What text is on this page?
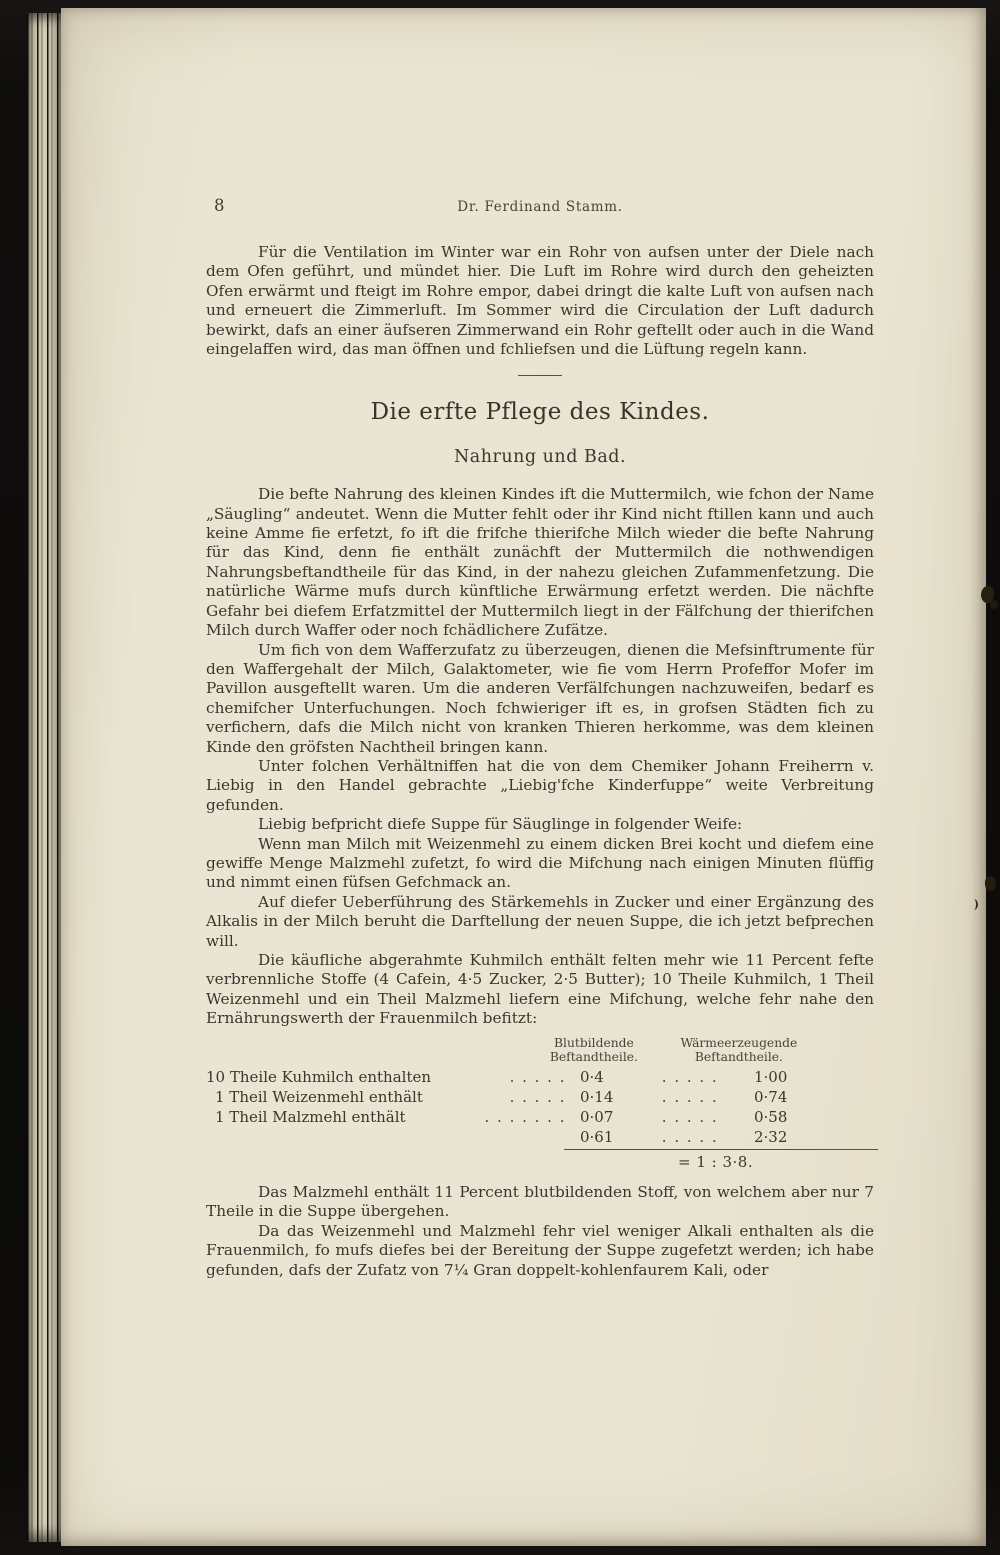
8	Dr. Ferdinand Stamm.

Für die Ventilation im Winter war ein Rohr von aufsen unter der Diele nach dem Ofen geführt, und mündet hier. Die Luft im Rohre wird durch den geheizten Ofen erwärmt und fteigt im Rohre empor, dabei dringt die kalte Luft von aufsen nach und erneuert die Zimmerluft. Im Sommer wird die Circulation der Luft dadurch bewirkt, dafs an einer äufseren Zimmerwand ein Rohr geftellt oder auch in die Wand eingelaffen wird, das man öffnen und fchliefsen und die Lüftung regeln kann.

Die erfte Pflege des Kindes.
Nahrung und Bad.

Die befte Nahrung des kleinen Kindes ift die Muttermilch, wie fchon der Name „Säugling“ andeutet. Wenn die Mutter fehlt oder ihr Kind nicht ftillen kann und auch keine Amme fie erfetzt, fo ift die frifche thierifche Milch wieder die befte Nahrung für das Kind, denn fie enthält zunächft der Muttermilch die nothwendigen Nahrungsbeftandtheile für das Kind, in der nahezu gleichen Zufammenfetzung. Die natürliche Wärme mufs durch künftliche Erwärmung erfetzt werden. Die nächfte Gefahr bei diefem Erfatzmittel der Muttermilch liegt in der Fälfchung der thierifchen Milch durch Waffer oder noch fchädlichere Zufätze.

Um fich von dem Wafferzufatz zu überzeugen, dienen die Mefsinftrumente für den Waffergehalt der Milch, Galaktometer, wie fie vom Herrn Profeffor Mofer im Pavillon ausgeftellt waren. Um die anderen Verfälfchungen nachzuweifen, bedarf es chemifcher Unterfuchungen. Noch fchwieriger ift es, in grofsen Städten fich zu verfichern, dafs die Milch nicht von kranken Thieren herkomme, was dem kleinen Kinde den gröfsten Nachtheil bringen kann.

Unter folchen Verhältniffen hat die von dem Chemiker Johann Freiherrn v. Liebig in den Handel gebrachte „Liebig'fche Kinderfuppe“ weite Verbreitung gefunden.

Liebig befpricht diefe Suppe für Säuglinge in folgender Weife:

Wenn man Milch mit Weizenmehl zu einem dicken Brei kocht und diefem eine gewiffe Menge Malzmehl zufetzt, fo wird die Mifchung nach einigen Minuten flüffig und nimmt einen füfsen Gefchmack an.

Auf diefer Ueberführung des Stärkemehls in Zucker und einer Ergänzung des Alkalis in der Milch beruht die Darftellung der neuen Suppe, die ich jetzt befprechen will.

Die käufliche abgerahmte Kuhmilch enthält felten mehr wie 11 Percent fefte verbrennliche Stoffe (4 Cafein, 4·5 Zucker, 2·5 Butter); 10 Theile Kuhmilch, 1 Theil Weizenmehl und ein Theil Malzmehl liefern eine Mifchung, welche fehr nahe den Ernährungswerth der Frauenmilch befitzt:

Blutbildende
Beftandtheile.
Wärmeerzeugende
Beftandtheile.
10 Theile Kuhmilch enthalten	. . . . . 0·4	. . . . .	1·00
1 Theil Weizenmehl enthält	. . . . . 0·14	. . . . .	0·74
1 Theil Malzmehl enthält	. . . . . . . 0·07	. . . . .	0·58
0·61	. . . . .	2·32
= 1 : 3·8.

Das Malzmehl enthält 11 Percent blutbildenden Stoff, von welchem aber nur 7 Theile in die Suppe übergehen.

Da das Weizenmehl und Malzmehl fehr viel weniger Alkali enthalten als die Frauenmilch, fo mufs diefes bei der Bereitung der Suppe zugefetzt werden; ich habe gefunden, dafs der Zufatz von 7¼ Gran doppelt-kohlenfaurem Kali, oder
